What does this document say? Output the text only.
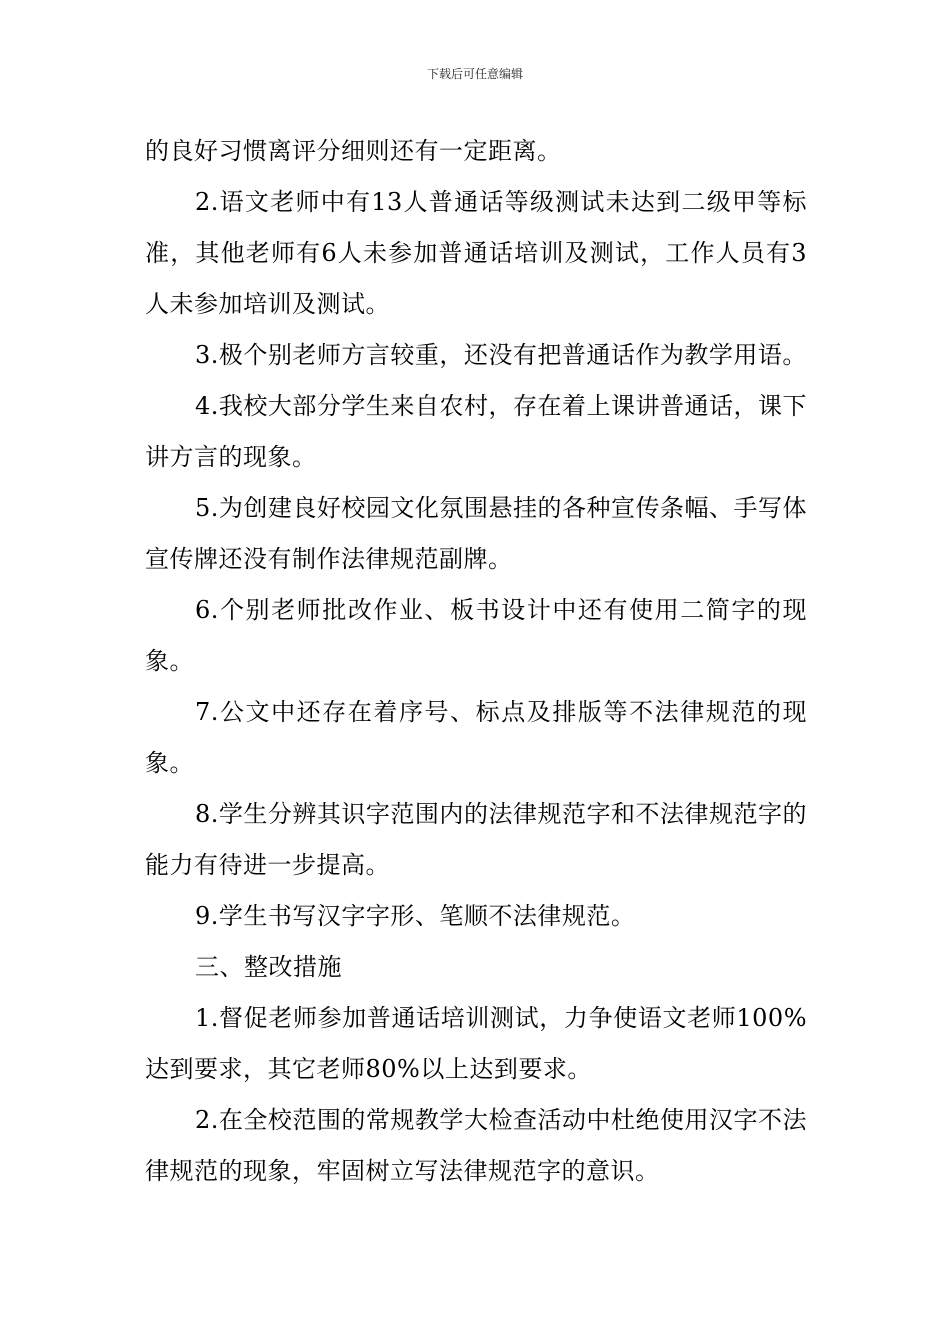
下载后可任意编辑

的良好习惯离评分细则还有一定距离。

2.语文老师中有13人普通话等级测试未达到二级甲等标准，其他老师有6人未参加普通话培训及测试，工作人员有3人未参加培训及测试。

3.极个别老师方言较重，还没有把普通话作为教学用语。

4.我校大部分学生来自农村，存在着上课讲普通话，课下讲方言的现象。

5.为创建良好校园文化氛围悬挂的各种宣传条幅、手写体宣传牌还没有制作法律规范副牌。

6.个别老师批改作业、板书设计中还有使用二简字的现象。

7.公文中还存在着序号、标点及排版等不法律规范的现象。

8.学生分辨其识字范围内的法律规范字和不法律规范字的能力有待进一步提高。

9.学生书写汉字字形、笔顺不法律规范。

三、整改措施

1.督促老师参加普通话培训测试，力争使语文老师100%达到要求，其它老师80%以上达到要求。

2.在全校范围的常规教学大检查活动中杜绝使用汉字不法律规范的现象，牢固树立写法律规范字的意识。
